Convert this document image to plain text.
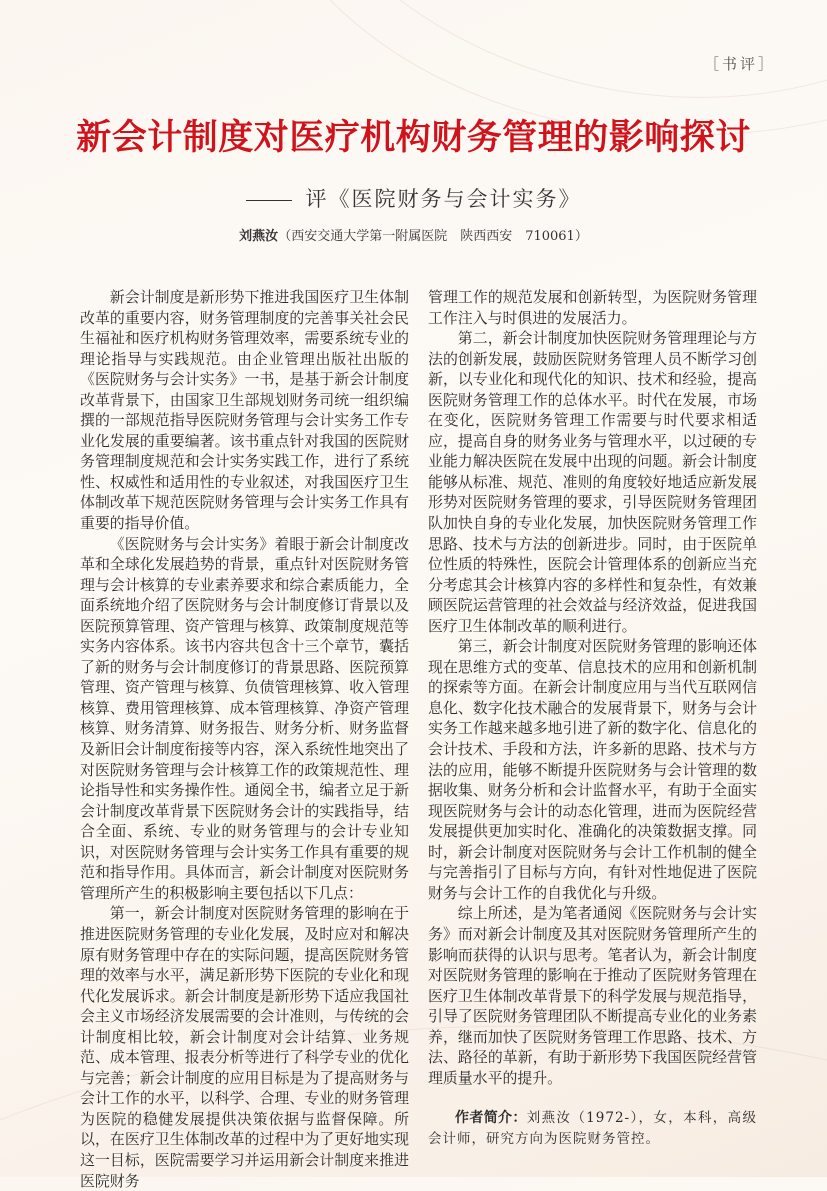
［书评］
新会计制度对医疗机构财务管理的影响探讨
评《医院财务与会计实务》
刘燕汝（西安交通大学第一附属医院　陕西西安　710061）

新会计制度是新形势下推进我国医疗卫生体制改革的重要内容，财务管理制度的完善事关社会民生福祉和医疗机构财务管理效率，需要系统专业的理论指导与实践规范。由企业管理出版社出版的《医院财务与会计实务》一书，是基于新会计制度改革背景下，由国家卫生部规划财务司统一组织编撰的一部规范指导医院财务管理与会计实务工作专业化发展的重要编著。该书重点针对我国的医院财务管理制度规范和会计实务实践工作，进行了系统性、权威性和适用性的专业叙述，对我国医疗卫生体制改革下规范医院财务管理与会计实务工作具有重要的指导价值。

《医院财务与会计实务》着眼于新会计制度改革和全球化发展趋势的背景，重点针对医院财务管理与会计核算的专业素养要求和综合素质能力，全面系统地介绍了医院财务与会计制度修订背景以及医院预算管理、资产管理与核算、政策制度规范等实务内容体系。该书内容共包含十三个章节，囊括了新的财务与会计制度修订的背景思路、医院预算管理、资产管理与核算、负债管理核算、收入管理核算、费用管理核算、成本管理核算、净资产管理核算、财务清算、财务报告、财务分析、财务监督及新旧会计制度衔接等内容，深入系统性地突出了对医院财务管理与会计核算工作的政策规范性、理论指导性和实务操作性。通阅全书，编者立足于新会计制度改革背景下医院财务会计的实践指导，结合全面、系统、专业的财务管理与的会计专业知识，对医院财务管理与会计实务工作具有重要的规范和指导作用。具体而言，新会计制度对医院财务管理所产生的积极影响主要包括以下几点：

第一，新会计制度对医院财务管理的影响在于推进医院财务管理的专业化发展，及时应对和解决原有财务管理中存在的实际问题，提高医院财务管理的效率与水平，满足新形势下医院的专业化和现代化发展诉求。新会计制度是新形势下适应我国社会主义市场经济发展需要的会计准则，与传统的会计制度相比较，新会计制度对会计结算、业务规范、成本管理、报表分析等进行了科学专业的优化与完善；新会计制度的应用目标是为了提高财务与会计工作的水平，以科学、合理、专业的财务管理为医院的稳健发展提供决策依据与监督保障。所以，在医疗卫生体制改革的过程中为了更好地实现这一目标，医院需要学习并运用新会计制度来推进医院财务

管理工作的规范发展和创新转型，为医院财务管理工作注入与时俱进的发展活力。

第二，新会计制度加快医院财务管理理论与方法的创新发展，鼓励医院财务管理人员不断学习创新，以专业化和现代化的知识、技术和经验，提高医院财务管理工作的总体水平。时代在发展，市场在变化，医院财务管理工作需要与时代要求相适应，提高自身的财务业务与管理水平，以过硬的专业能力解决医院在发展中出现的问题。新会计制度能够从标准、规范、准则的角度较好地适应新发展形势对医院财务管理的要求，引导医院财务管理团队加快自身的专业化发展，加快医院财务管理工作思路、技术与方法的创新进步。同时，由于医院单位性质的特殊性，医院会计管理体系的创新应当充分考虑其会计核算内容的多样性和复杂性，有效兼顾医院运营管理的社会效益与经济效益，促进我国医疗卫生体制改革的顺利进行。

第三，新会计制度对医院财务管理的影响还体现在思维方式的变革、信息技术的应用和创新机制的探索等方面。在新会计制度应用与当代互联网信息化、数字化技术融合的发展背景下，财务与会计实务工作越来越多地引进了新的数字化、信息化的会计技术、手段和方法，许多新的思路、技术与方法的应用，能够不断提升医院财务与会计管理的数据收集、财务分析和会计监督水平，有助于全面实现医院财务与会计的动态化管理，进而为医院经营发展提供更加实时化、准确化的决策数据支撑。同时，新会计制度对医院财务与会计工作机制的健全与完善指引了目标与方向，有针对性地促进了医院财务与会计工作的自我优化与升级。

综上所述，是为笔者通阅《医院财务与会计实务》而对新会计制度及其对医院财务管理所产生的影响而获得的认识与思考。笔者认为，新会计制度对医院财务管理的影响在于推动了医院财务管理在医疗卫生体制改革背景下的科学发展与规范指导，引导了医院财务管理团队不断提高专业化的业务素养，继而加快了医院财务管理工作思路、技术、方法、路径的革新，有助于新形势下我国医院经营管理质量水平的提升。

作者简介：刘燕汝（1972-），女，本科，高级会计师，研究方向为医院财务管控。
